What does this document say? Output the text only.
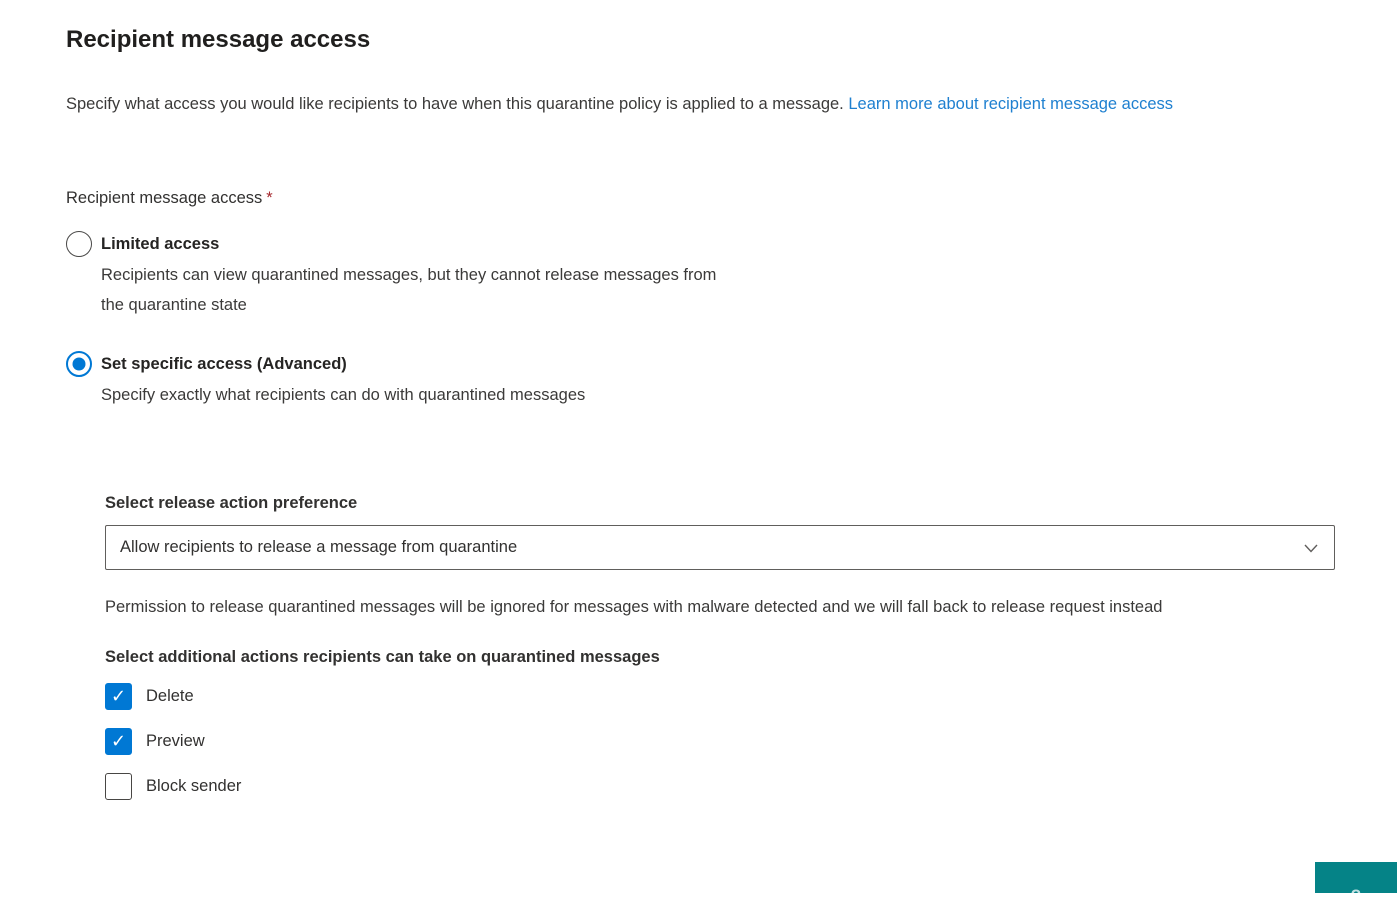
Recipient message access

Specify what access you would like recipients to have when this quarantine policy is applied to a message. Learn more about recipient message access

Recipient message access *
Limited access
Recipients can view quarantined messages, but they cannot release messages from the quarantine state
Set specific access (Advanced)
Specify exactly what recipients can do with quarantined messages
Select release action preference
Allow recipients to release a message from quarantine

Permission to release quarantined messages will be ignored for messages with malware detected and we will fall back to release request instead

Select additional actions recipients can take on quarantined messages
✓ Delete
✓ Preview
Block sender
?
